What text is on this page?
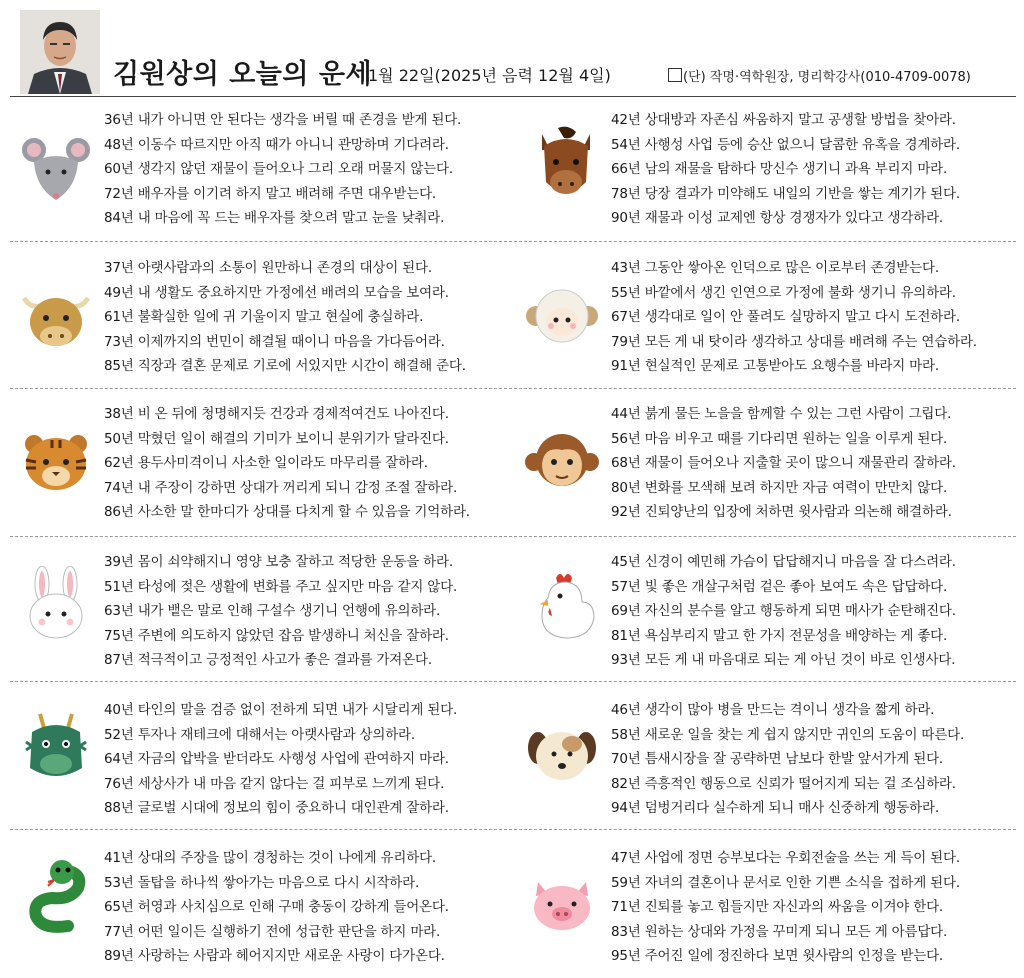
김원상의 오늘의 운세
1월 22일(2025년 음력 12월 4일)	(단) 작명·역학원장, 명리학강사(010-4709-0078)
36년 내가 아니면 안 된다는 생각을 버릴 때 존경을 받게 된다.
48년 이동수 따르지만 아직 때가 아니니 관망하며 기다려라.
60년 생각지 않던 재물이 들어오나 그리 오래 머물지 않는다.
72년 배우자를 이기려 하지 말고 배려해 주면 대우받는다.
84년 내 마음에 꼭 드는 배우자를 찾으려 말고 눈을 낮춰라.
42년 상대방과 자존심 싸움하지 말고 공생할 방법을 찾아라.
54년 사행성 사업 등에 승산 없으니 달콤한 유혹을 경계하라.
66년 남의 재물을 탐하다 망신수 생기니 과욕 부리지 마라.
78년 당장 결과가 미약해도 내일의 기반을 쌓는 계기가 된다.
90년 재물과 이성 교제엔 항상 경쟁자가 있다고 생각하라.
37년 아랫사람과의 소통이 원만하니 존경의 대상이 된다.
49년 내 생활도 중요하지만 가정에선 배려의 모습을 보여라.
61년 불확실한 일에 귀 기울이지 말고 현실에 충실하라.
73년 이제까지의 번민이 해결될 때이니 마음을 가다듬어라.
85년 직장과 결혼 문제로 기로에 서있지만 시간이 해결해 준다.
43년 그동안 쌓아온 인덕으로 많은 이로부터 존경받는다.
55년 바깥에서 생긴 인연으로 가정에 불화 생기니 유의하라.
67년 생각대로 일이 안 풀려도 실망하지 말고 다시 도전하라.
79년 모든 게 내 탓이라 생각하고 상대를 배려해 주는 연습하라.
91년 현실적인 문제로 고통받아도 요행수를 바라지 마라.
38년 비 온 뒤에 청명해지듯 건강과 경제적여건도 나아진다.
50년 막혔던 일이 해결의 기미가 보이니 분위기가 달라진다.
62년 용두사미격이니 사소한 일이라도 마무리를 잘하라.
74년 내 주장이 강하면 상대가 꺼리게 되니 감정 조절 잘하라.
86년 사소한 말 한마디가 상대를 다치게 할 수 있음을 기억하라.
44년 붉게 물든 노을을 함께할 수 있는 그런 사람이 그립다.
56년 마음 비우고 때를 기다리면 원하는 일을 이루게 된다.
68년 재물이 들어오나 지출할 곳이 많으니 재물관리 잘하라.
80년 변화를 모색해 보려 하지만 자금 여력이 만만치 않다.
92년 진퇴양난의 입장에 처하면 윗사람과 의논해 해결하라.
39년 몸이 쇠약해지니 영양 보충 잘하고 적당한 운동을 하라.
51년 타성에 젖은 생활에 변화를 주고 싶지만 마음 같지 않다.
63년 내가 뱉은 말로 인해 구설수 생기니 언행에 유의하라.
75년 주변에 의도하지 않았던 잡음 발생하니 처신을 잘하라.
87년 적극적이고 긍정적인 사고가 좋은 결과를 가져온다.
45년 신경이 예민해 가슴이 답답해지니 마음을 잘 다스려라.
57년 빛 좋은 개살구처럼 겉은 좋아 보여도 속은 답답하다.
69년 자신의 분수를 알고 행동하게 되면 매사가 순탄해진다.
81년 욕심부리지 말고 한 가지 전문성을 배양하는 게 좋다.
93년 모든 게 내 마음대로 되는 게 아닌 것이 바로 인생사다.
40년 타인의 말을 검증 없이 전하게 되면 내가 시달리게 된다.
52년 투자나 재테크에 대해서는 아랫사람과 상의하라.
64년 자금의 압박을 받더라도 사행성 사업에 관여하지 마라.
76년 세상사가 내 마음 같지 않다는 걸 피부로 느끼게 된다.
88년 글로벌 시대에 정보의 힘이 중요하니 대인관계 잘하라.
46년 생각이 많아 병을 만드는 격이니 생각을 짧게 하라.
58년 새로운 일을 찾는 게 쉽지 않지만 귀인의 도움이 따른다.
70년 틈새시장을 잘 공략하면 남보다 한발 앞서가게 된다.
82년 즉흥적인 행동으로 신뢰가 떨어지게 되는 걸 조심하라.
94년 덤벙거리다 실수하게 되니 매사 신중하게 행동하라.
41년 상대의 주장을 많이 경청하는 것이 나에게 유리하다.
53년 돌탑을 하나씩 쌓아가는 마음으로 다시 시작하라.
65년 허영과 사치심으로 인해 구매 충동이 강하게 들어온다.
77년 어떤 일이든 실행하기 전에 성급한 판단을 하지 마라.
89년 사랑하는 사람과 헤어지지만 새로운 사랑이 다가온다.
47년 사업에 정면 승부보다는 우회전술을 쓰는 게 득이 된다.
59년 자녀의 결혼이나 문서로 인한 기쁜 소식을 접하게 된다.
71년 진퇴를 놓고 힘들지만 자신과의 싸움을 이겨야 한다.
83년 원하는 상대와 가정을 꾸미게 되니 모든 게 아름답다.
95년 주어진 일에 정진하다 보면 윗사람의 인정을 받는다.
